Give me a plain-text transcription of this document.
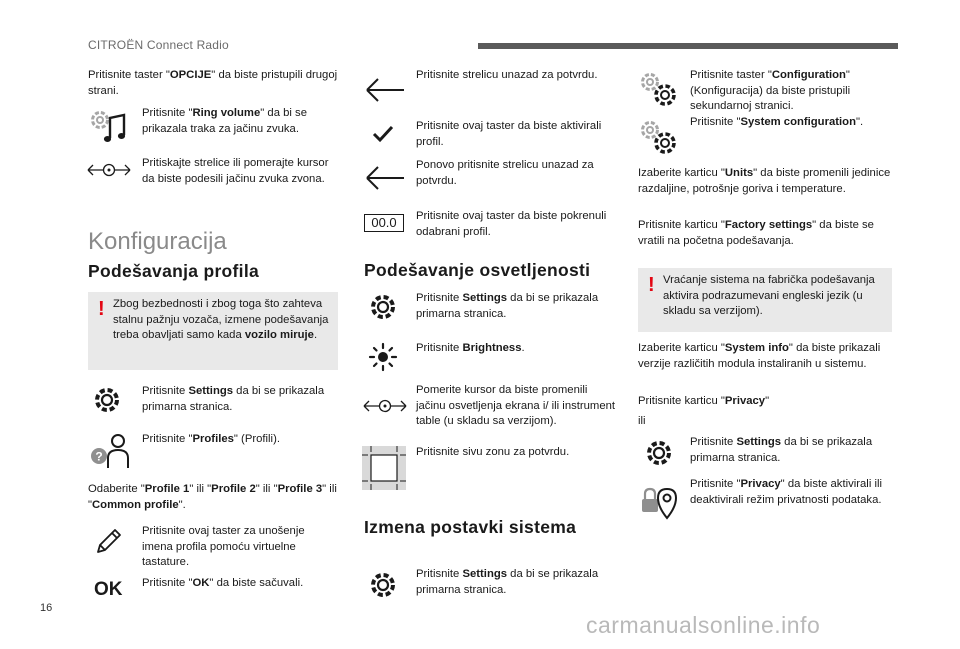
CITROËN Connect Radio

Pritisnite taster "OPCIJE" da biste pristupili drugoj strani.

Pritisnite "Ring volume" da bi se prikazala traka za jačinu zvuka.

Pritiskajte strelice ili pomerajte kursor da biste podesili jačinu zvuka zvona.

Konfiguracija
Podešavanja profila
! Zbog bezbednosti i zbog toga što zahteva stalnu pažnju vozača, izmene podešavanja treba obavljati samo kada vozilo miruje.

Pritisnite Settings da bi se prikazala primarna stranica.

?

Pritisnite "Profiles" (Profili).

Odaberite "Profile 1" ili "Profile 2" ili "Profile 3" ili "Common profile".

Pritisnite ovaj taster za unošenje imena profila pomoću virtuelne tastature.

OK Pritisnite "OK" da biste sačuvali.

Pritisnite strelicu unazad za potvrdu.

Pritisnite ovaj taster da biste aktivirali profil.

Ponovo pritisnite strelicu unazad za potvrdu.

00.0	Pritisnite ovaj taster da biste pokrenuli odabrani profil.

Podešavanje osvetljenosti

Pritisnite Settings da bi se prikazala primarna stranica.

Pritisnite Brightness.

Pomerite kursor da biste promenili jačinu osvetljenja ekrana i/ ili instrument table (u skladu sa verzijom).

Pritisnite sivu zonu za potvrdu.

Izmena postavki sistema

Pritisnite Settings da bi se prikazala primarna stranica.

Pritisnite taster "Configuration" (Konfiguracija) da biste pristupili sekundarnoj stranici.

Pritisnite "System configuration".

Izaberite karticu "Units" da biste promenili jedinice razdaljine, potrošnje goriva i temperature.

Pritisnite karticu "Factory settings" da biste se vratili na početna podešavanja.

! Vraćanje sistema na fabrička podešavanja aktivira podrazumevani engleski jezik (u skladu sa verzijom).

Izaberite karticu "System info" da biste prikazali verzije različitih modula instaliranih u sistemu.

Pritisnite karticu "Privacy"

ili

Pritisnite Settings da bi se prikazala primarna stranica.

Pritisnite "Privacy" da biste aktivirali ili deaktivirali režim privatnosti podataka.

16
carmanualsonline.info
